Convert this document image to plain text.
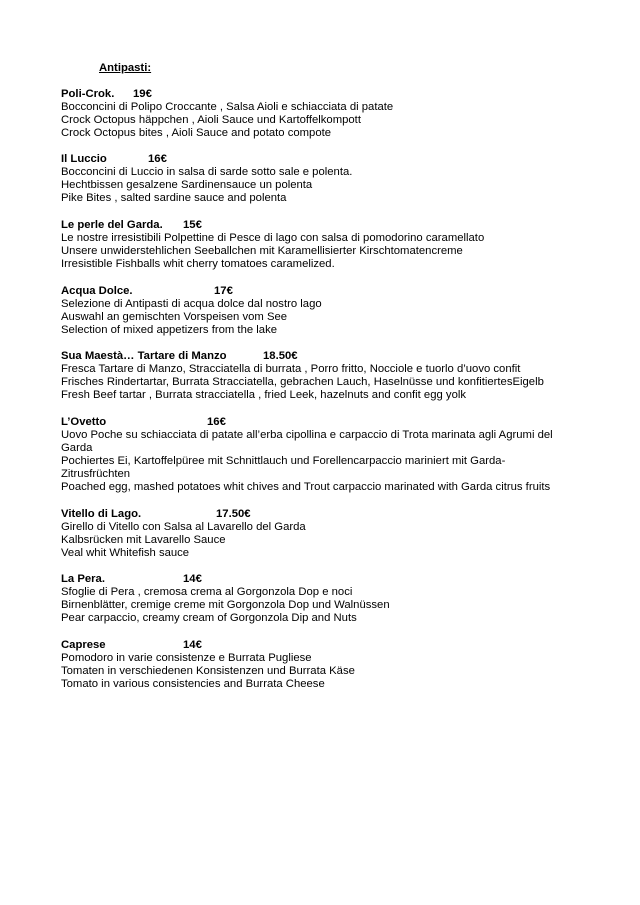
Antipasti:
Poli-Crok. 19€
Bocconcini di Polipo Croccante , Salsa Aioli e schiacciata di patate
Crock Octopus häppchen , Aioli Sauce und Kartoffelkompott
Crock Octopus bites , Aioli Sauce and potato compote
Il Luccio	16€
Bocconcini di Luccio in salsa di sarde sotto sale e polenta.
Hechtbissen gesalzene Sardinensauce un polenta
Pike Bites , salted sardine sauce and polenta
Le perle del Garda. 15€
Le nostre irresistibili Polpettine di Pesce di lago con salsa di pomodorino caramellato
Unsere unwiderstehlichen Seeballchen mit Karamellisierter Kirschtomatencreme
Irresistible Fishballs whit cherry tomatoes caramelized.
Acqua Dolce.	17€
Selezione di Antipasti di acqua dolce dal nostro lago
Auswahl an gemischten Vorspeisen vom See
Selection of mixed appetizers from the lake
Sua Maestà… Tartare di Manzo	18.50€
Fresca Tartare di Manzo, Stracciatella di burrata , Porro fritto, Nocciole e tuorlo d’uovo confit
Frisches Rindertartar, Burrata Stracciatella, gebrachen Lauch, Haselnüsse und konfitiertesEigelb
Fresh Beef tartar , Burrata stracciatella , fried Leek, hazelnuts and confit egg yolk
L’Ovetto	16€
Uovo Poche su schiacciata di patate all’erba cipollina e carpaccio di Trota marinata agli Agrumi del Garda
Pochiertes Ei, Kartoffelpüree mit Schnittlauch und Forellencarpaccio mariniert mit Garda-Zitrusfrüchten
Poached egg, mashed potatoes whit chives and Trout carpaccio marinated with Garda citrus fruits
Vitello di Lago.	17.50€
Girello di Vitello con Salsa al Lavarello del Garda
Kalbsrücken mit Lavarello Sauce
Veal whit Whitefish sauce
La Pera.	14€
Sfoglie di Pera , cremosa crema al Gorgonzola Dop e noci
Birnenblätter, cremige creme mit Gorgonzola Dop und Walnüssen
Pear carpaccio, creamy cream of Gorgonzola Dip and Nuts
Caprese	14€
Pomodoro in varie consistenze e Burrata Pugliese
Tomaten in verschiedenen Konsistenzen und Burrata Käse
Tomato in various consistencies and Burrata Cheese
